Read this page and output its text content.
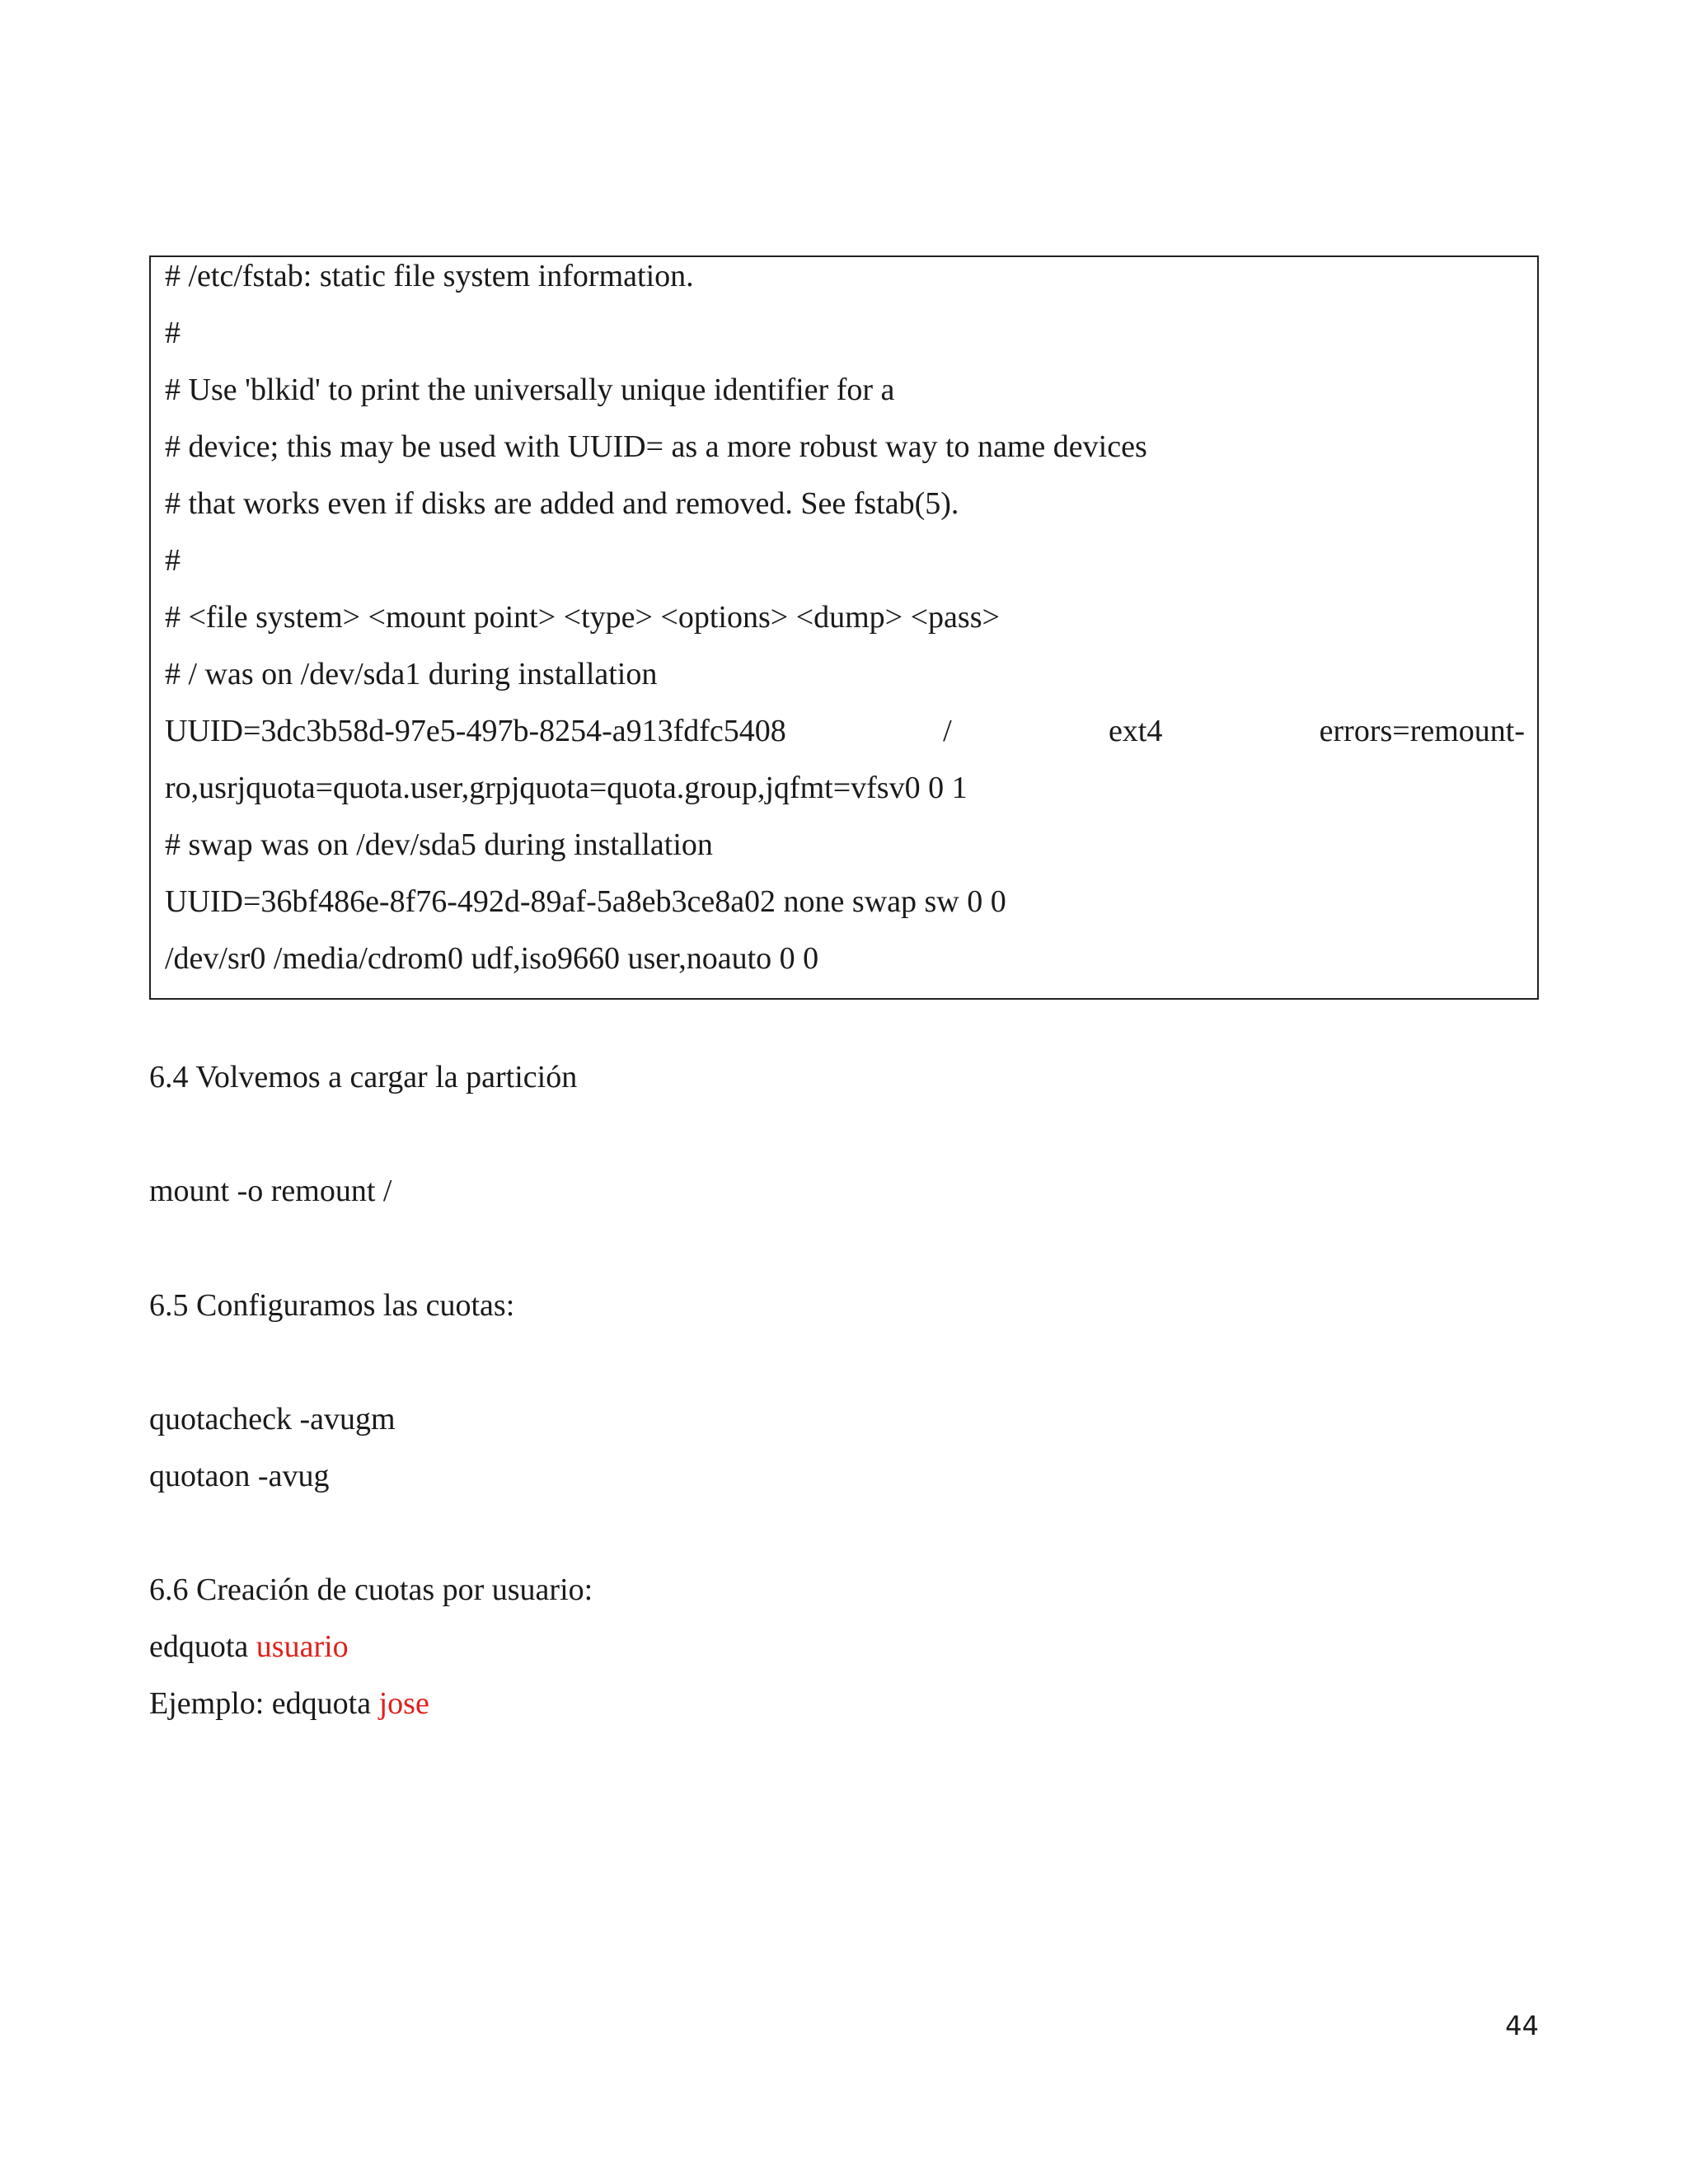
# /etc/fstab: static file system information.
#
# Use 'blkid' to print the universally unique identifier for a
# device; this may be used with UUID= as a more robust way to name devices
# that works even if disks are added and removed. See fstab(5).
#
# <file system> <mount point> <type> <options> <dump> <pass>
# / was on /dev/sda1 during installation
UUID=3dc3b58d-97e5-497b-8254-a913fdfc5408	/	ext4	errors=remount-
ro,usrjquota=quota.user,grpjquota=quota.group,jqfmt=vfsv0 0 1
# swap was on /dev/sda5 during installation
UUID=36bf486e-8f76-492d-89af-5a8eb3ce8a02 none swap sw 0 0
/dev/sr0 /media/cdrom0 udf,iso9660 user,noauto 0 0
6.4 Volvemos a cargar la partición
mount -o remount /
6.5 Configuramos las cuotas:
quotacheck -avugm
quotaon -avug
6.6 Creación de cuotas por usuario:
edquota usuario
Ejemplo: edquota jose
44
